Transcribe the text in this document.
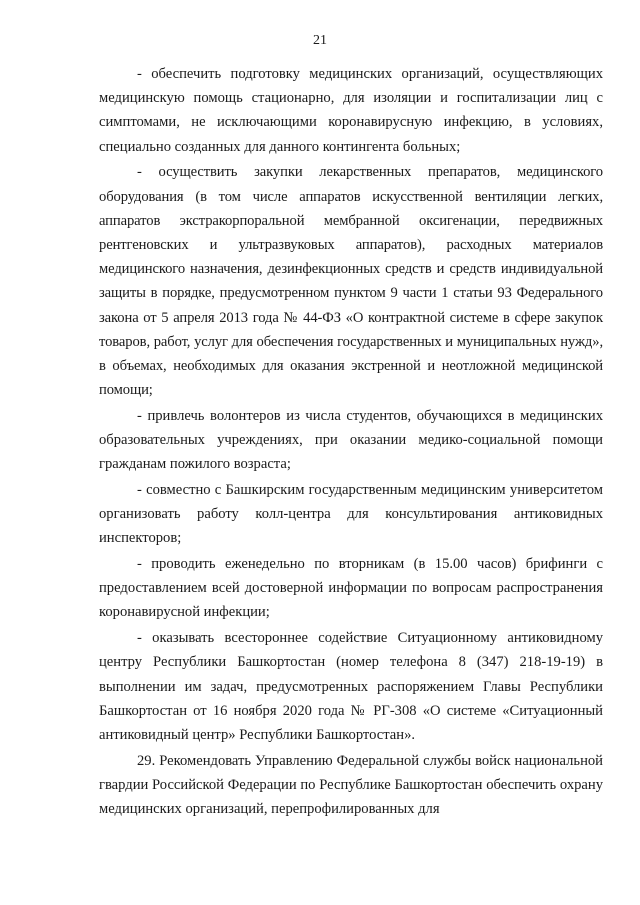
21

- обеспечить подготовку медицинских организаций, осуществляющих медицинскую помощь стационарно, для изоляции и госпитализации лиц с симптомами, не исключающими коронавирусную инфекцию, в условиях, специально созданных для данного контингента больных;

- осуществить закупки лекарственных препаратов, медицинского оборудования (в том числе аппаратов искусственной вентиляции легких, аппаратов экстракорпоральной мембранной оксигенации, передвижных рентгеновских и ультразвуковых аппаратов), расходных материалов медицинского назначения, дезинфекционных средств и средств индивидуальной защиты в порядке, предусмотренном пунктом 9 части 1 статьи 93 Федерального закона от 5 апреля 2013 года № 44-ФЗ «О контрактной системе в сфере закупок товаров, работ, услуг для обеспечения государственных и муниципальных нужд», в объемах, необходимых для оказания экстренной и неотложной медицинской помощи;

- привлечь волонтеров из числа студентов, обучающихся в медицинских образовательных учреждениях, при оказании медико-социальной помощи гражданам пожилого возраста;

- совместно с Башкирским государственным медицинским университетом организовать работу колл-центра для консультирования антиковидных инспекторов;

- проводить еженедельно по вторникам (в 15.00 часов) брифинги с предоставлением всей достоверной информации по вопросам распространения коронавирусной инфекции;

- оказывать всестороннее содействие Ситуационному антиковидному центру Республики Башкортостан (номер телефона 8 (347) 218-19-19) в выполнении им задач, предусмотренных распоряжением Главы Республики Башкортостан от 16 ноября 2020 года № РГ-308 «О системе «Ситуационный антиковидный центр» Республики Башкортостан».

29. Рекомендовать Управлению Федеральной службы войск национальной гвардии Российской Федерации по Республике Башкортостан обеспечить охрану медицинских организаций, перепрофилированных для
